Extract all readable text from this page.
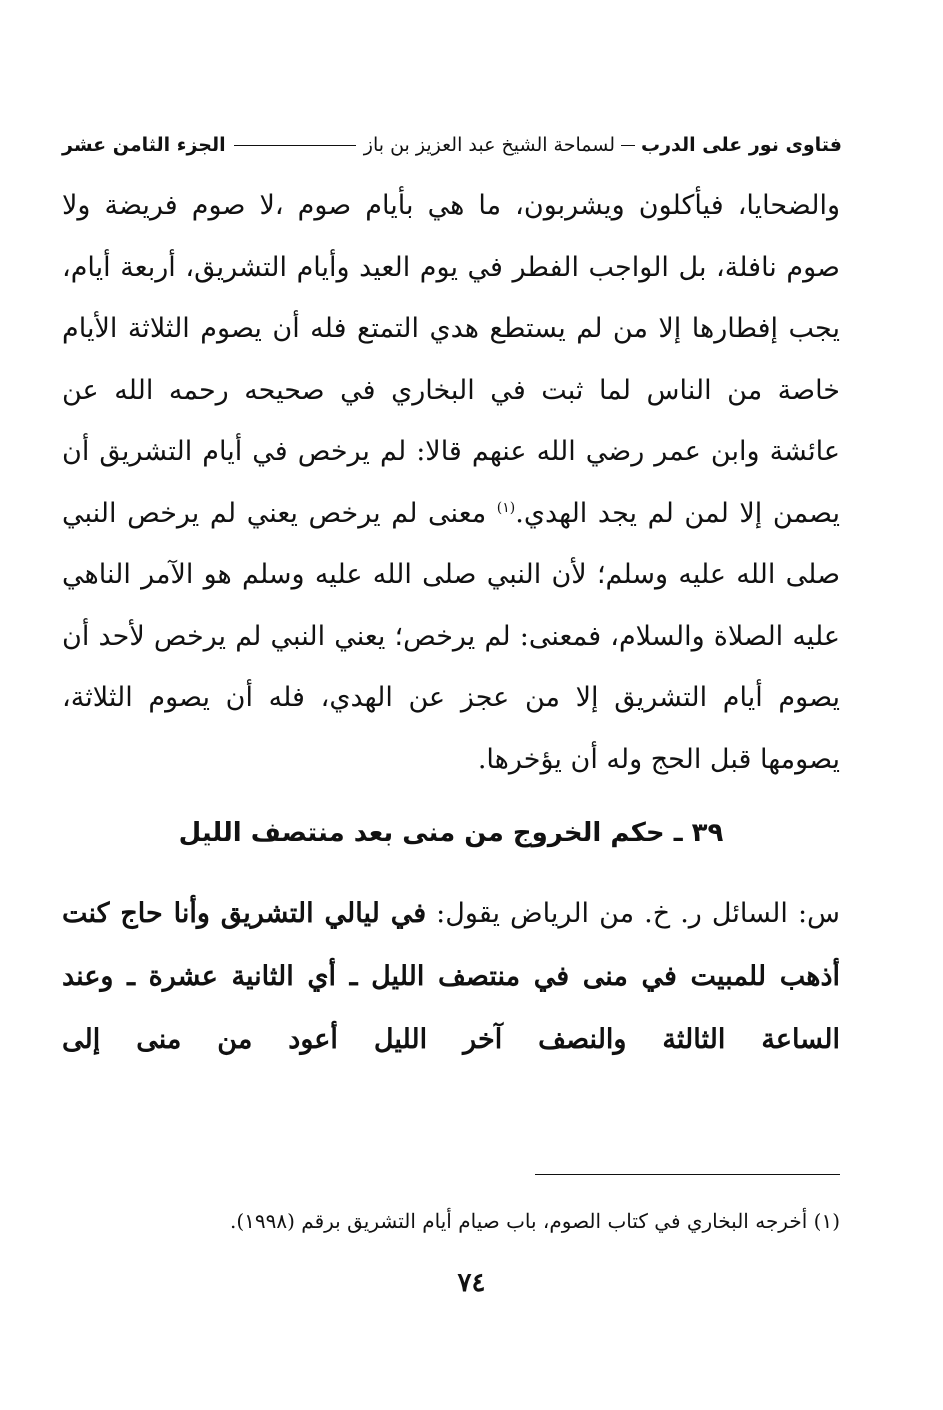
فتاوى نور على الدرب
لسماحة الشيخ عبد العزيز بن باز
الجزء الثامن عشر

والضحايا، فيأكلون ويشربون، ما هي بأيام صوم ،لا صوم فريضة ولا صوم نافلة، بل الواجب الفطر في يوم العيد وأيام التشريق، أربعة أيام، يجب إفطارها إلا من لم يستطع هدي التمتع فله أن يصوم الثلاثة الأيام خاصة من الناس لما ثبت في البخاري في صحيحه رحمه الله عن عائشة وابن عمر رضي الله عنهم قالا: لم يرخص في أيام التشريق أن يصمن إلا لمن لم يجد الهدي.$^{(١)}$ معنى لم يرخص يعني لم يرخص النبي صلى الله عليه وسلم؛ لأن النبي صلى الله عليه وسلم هو الآمر الناهي عليه الصلاة والسلام، فمعنى: لم يرخص؛ يعني النبي لم يرخص لأحد أن يصوم أيام التشريق إلا من عجز عن الهدي، فله أن يصوم الثلاثة، يصومها قبل الحج وله أن يؤخرها.

٣٩ ـ حكم الخروج من منى بعد منتصف الليل
س: السائل ر. خ. من الرياض يقول: في ليالي التشريق وأنا حاج كنت أذهب للمبيت في منى في منتصف الليل ـ أي الثانية عشرة ـ وعند الساعة الثالثة والنصف آخر الليل أعود من منى إلى
(١) أخرجه البخاري في كتاب الصوم، باب صيام أيام التشريق برقم (١٩٩٨).
٧٤
